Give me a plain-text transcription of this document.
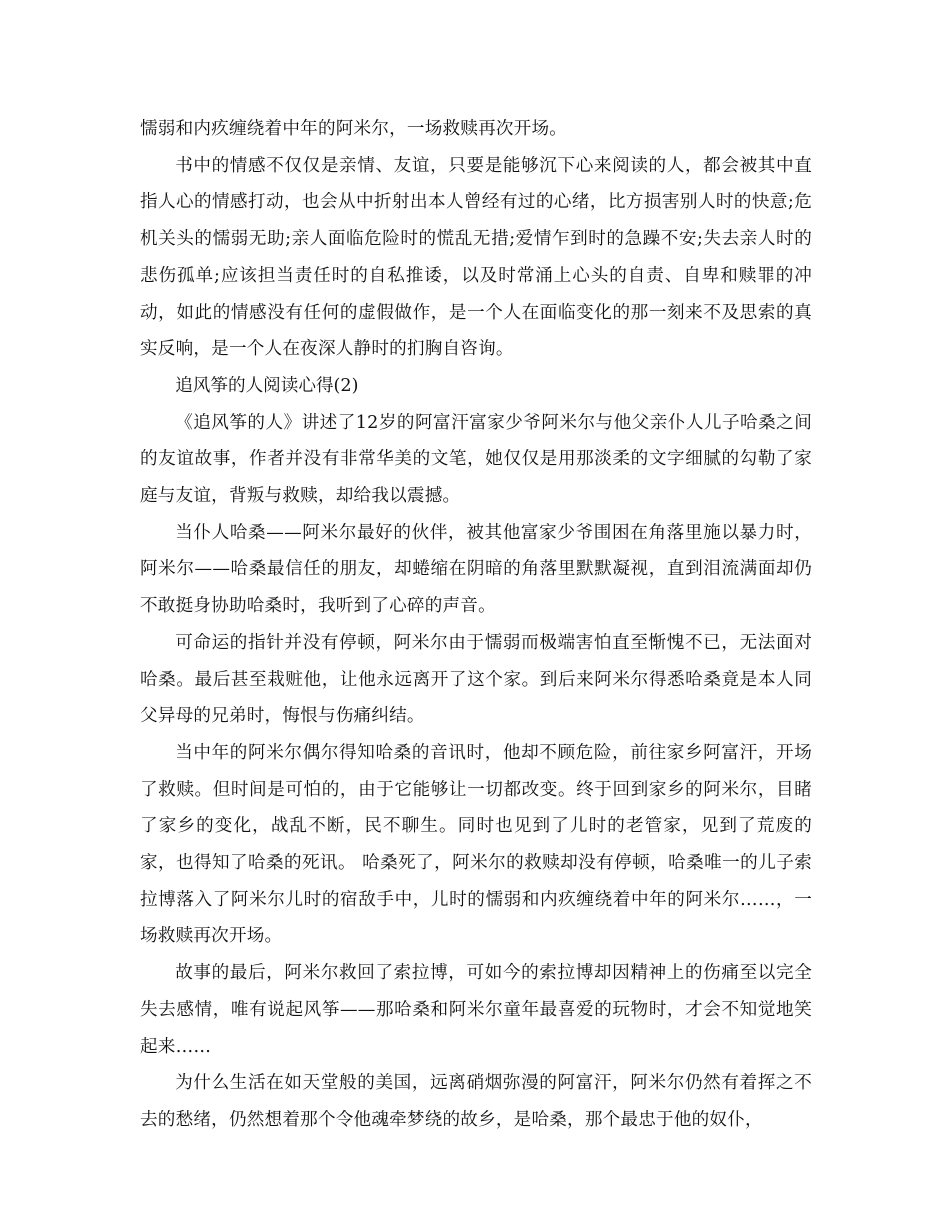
懦弱和内疚缠绕着中年的阿米尔，一场救赎再次开场。

书中的情感不仅仅是亲情、友谊，只要是能够沉下心来阅读的人，都会被其中直指人心的情感打动，也会从中折射出本人曾经有过的心绪，比方损害别人时的快意;危机关头的懦弱无助;亲人面临危险时的慌乱无措;爱情乍到时的急躁不安;失去亲人时的悲伤孤单;应该担当责任时的自私推诿，以及时常涌上心头的自责、自卑和赎罪的冲动，如此的情感没有任何的虚假做作，是一个人在面临变化的那一刻来不及思索的真实反响，是一个人在夜深人静时的扪胸自咨询。

追风筝的人阅读心得(2)

《追风筝的人》讲述了12岁的阿富汗富家少爷阿米尔与他父亲仆人儿子哈桑之间的友谊故事，作者并没有非常华美的文笔，她仅仅是用那淡柔的文字细腻的勾勒了家庭与友谊，背叛与救赎，却给我以震撼。

当仆人哈桑——阿米尔最好的伙伴，被其他富家少爷围困在角落里施以暴力时，阿米尔——哈桑最信任的朋友，却蜷缩在阴暗的角落里默默凝视，直到泪流满面却仍不敢挺身协助哈桑时，我听到了心碎的声音。

可命运的指针并没有停顿，阿米尔由于懦弱而极端害怕直至惭愧不已，无法面对哈桑。最后甚至栽赃他，让他永远离开了这个家。到后来阿米尔得悉哈桑竟是本人同父异母的兄弟时，悔恨与伤痛纠结。

当中年的阿米尔偶尔得知哈桑的音讯时，他却不顾危险，前往家乡阿富汗，开场了救赎。但时间是可怕的，由于它能够让一切都改变。终于回到家乡的阿米尔，目睹了家乡的变化，战乱不断，民不聊生。同时也见到了儿时的老管家，见到了荒废的家，也得知了哈桑的死讯。 哈桑死了，阿米尔的救赎却没有停顿，哈桑唯一的儿子索拉博落入了阿米尔儿时的宿敌手中，儿时的懦弱和内疚缠绕着中年的阿米尔……，一场救赎再次开场。

故事的最后，阿米尔救回了索拉博，可如今的索拉博却因精神上的伤痛至以完全失去感情，唯有说起风筝——那哈桑和阿米尔童年最喜爱的玩物时，才会不知觉地笑起来……

为什么生活在如天堂般的美国，远离硝烟弥漫的阿富汗，阿米尔仍然有着挥之不去的愁绪，仍然想着那个令他魂牵梦绕的故乡，是哈桑，那个最忠于他的奴仆，
